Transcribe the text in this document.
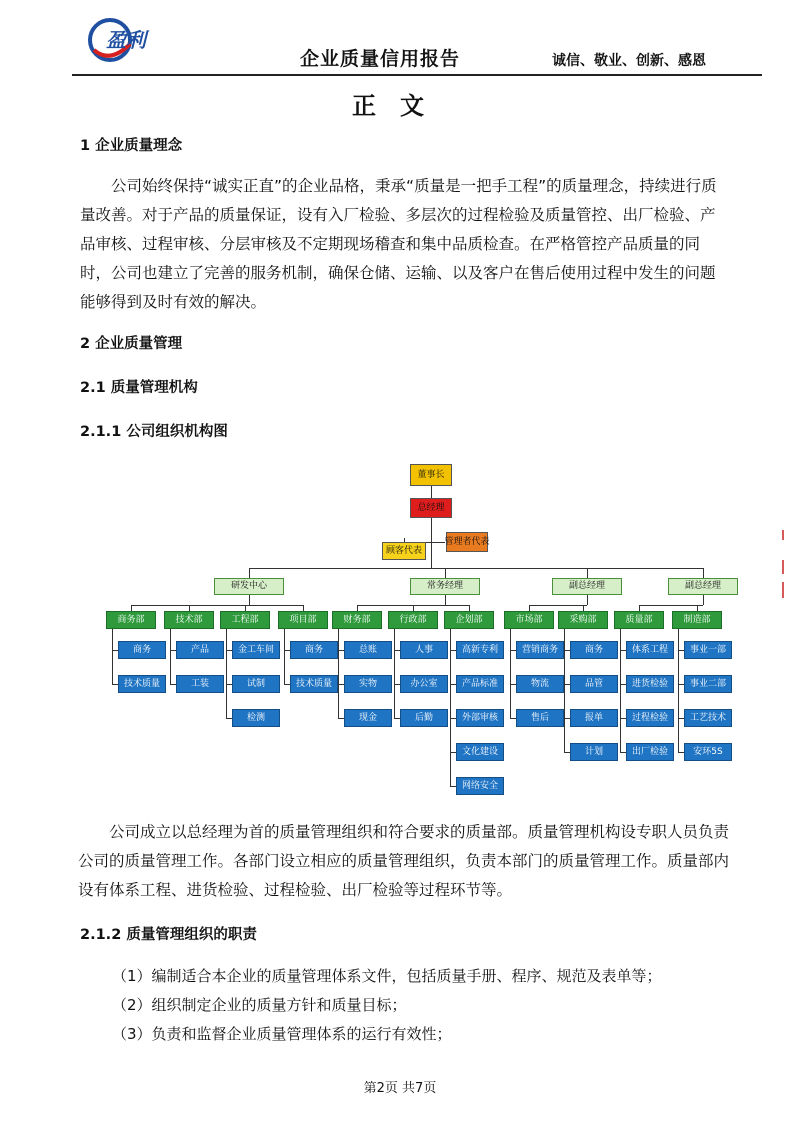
盈利
企业质量信用报告	诚信、敬业、创新、感恩
正文
1 企业质量理念

公司始终保持“诚实正直”的企业品格，秉承“质量是一把手工程”的质量理念，持续进行质量改善。对于产品的质量保证，设有入厂检验、多层次的过程检验及质量管控、出厂检验、产品审核、过程审核、分层审核及不定期现场稽查和集中品质检查。在严格管控产品质量的同时，公司也建立了完善的服务机制，确保仓储、运输、以及客户在售后使用过程中发生的问题能够得到及时有效的解决。

2 企业质量管理
2.1 质量管理机构
2.1.1 公司组织机构图
董事长
总经理
管理者代表
顾客代表
研发中心	常务经理	副总经理	副总经理
商务部
商务
技术质量
技术部
产品
工装
工程部
金工车间
试制
检测
项目部
商务
技术质量
财务部
总账
实物
现金
行政部
人事
办公室
后勤
企划部
高新专利
产品标准
外部审核
文化建设
网络安全
市场部
营销商务
物流
售后
采购部
商务
品管
报单
计划
质量部
体系工程
进货检验
过程检验
出厂检验
制造部
事业一部
事业二部
工艺技术
安环5S

公司成立以总经理为首的质量管理组织和符合要求的质量部。质量管理机构设专职人员负责公司的质量管理工作。各部门设立相应的质量管理组织，负责本部门的质量管理工作。质量部内设有体系工程、进货检验、过程检验、出厂检验等过程环节等。

2.1.2 质量管理组织的职责
（1）编制适合本企业的质量管理体系文件，包括质量手册、程序、规范及表单等；
（2）组织制定企业的质量方针和质量目标；
（3）负责和监督企业质量管理体系的运行有效性；
第2页 共7页
